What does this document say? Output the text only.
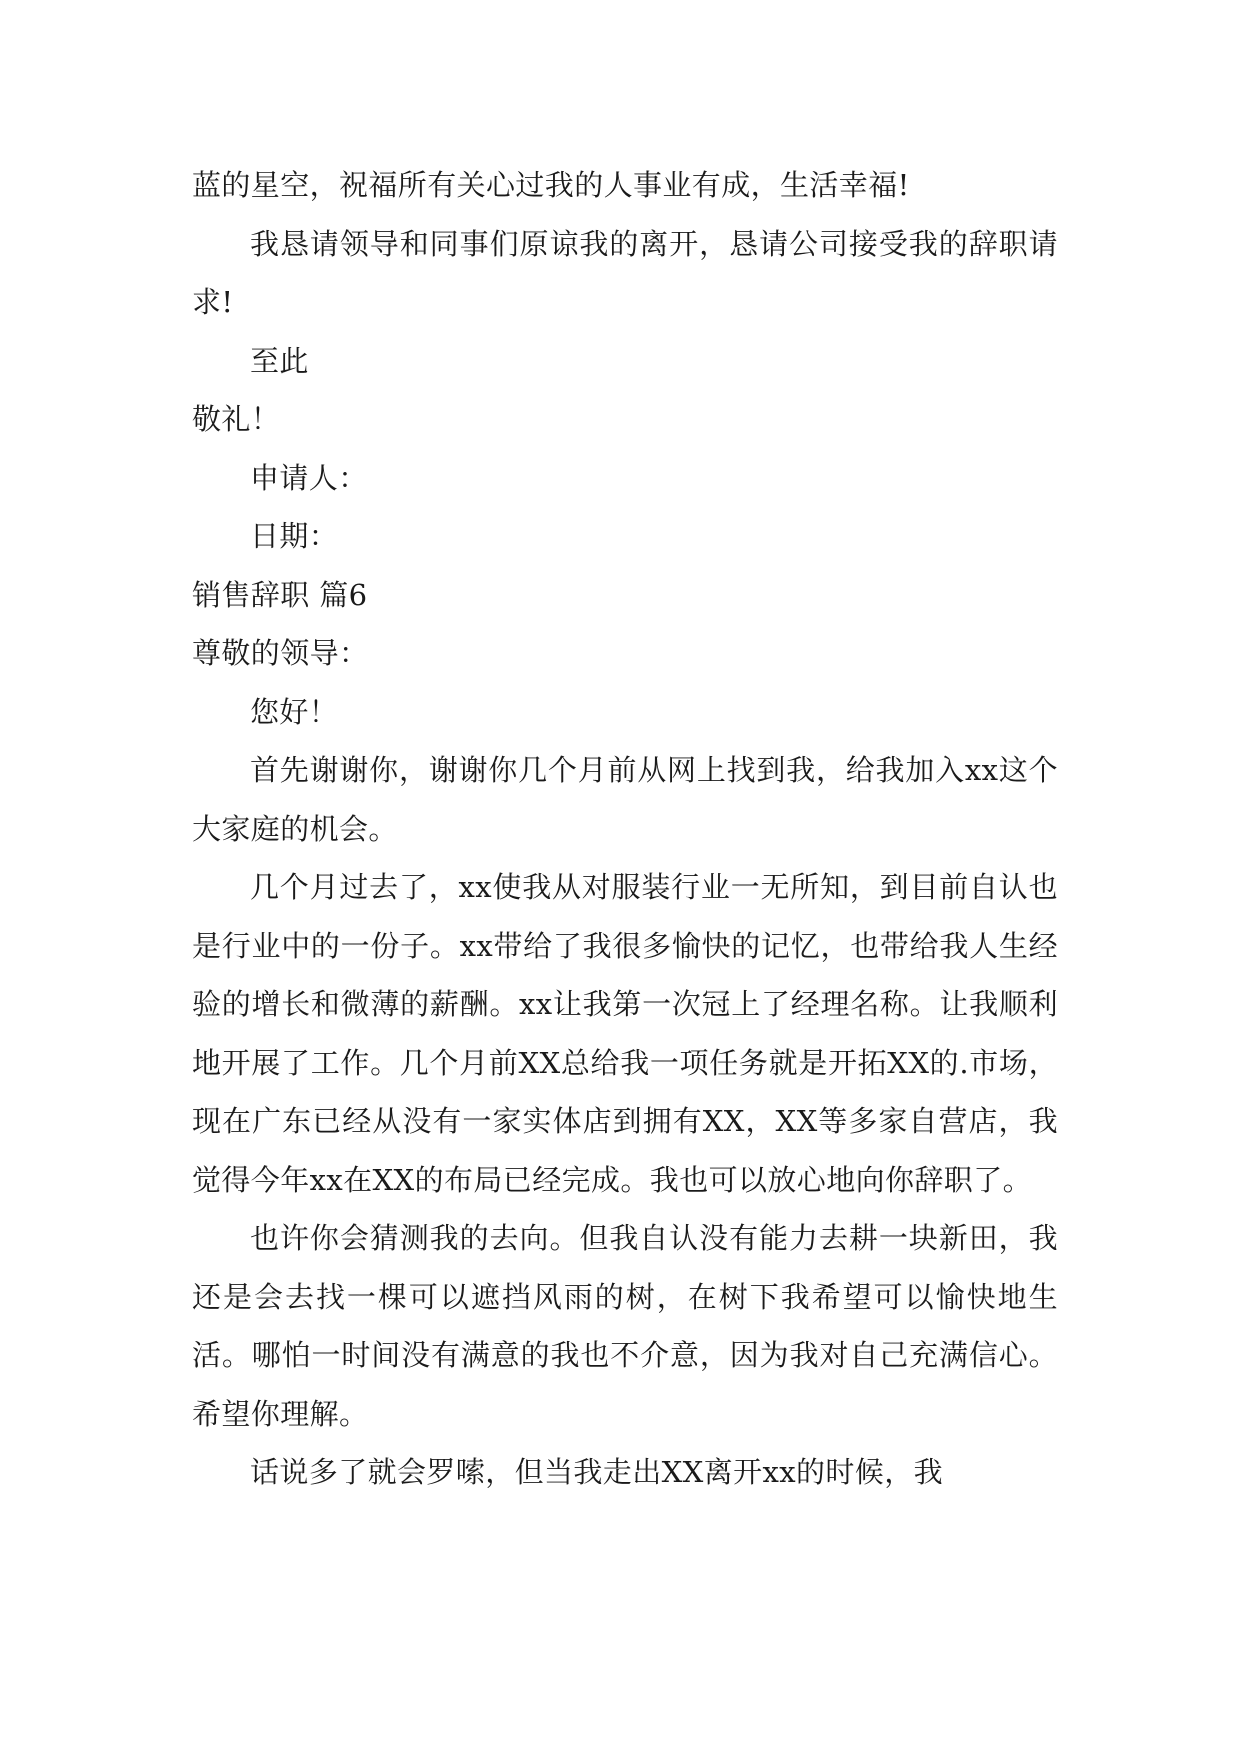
蓝的星空，祝福所有关心过我的人事业有成，生活幸福!

我恳请领导和同事们原谅我的离开，恳请公司接受我的辞职请求!

至此

敬礼！

申请人：

日期：

销售辞职 篇6

尊敬的领导：

您好！

首先谢谢你，谢谢你几个月前从网上找到我，给我加入xx这个大家庭的机会。

几个月过去了，xx使我从对服装行业一无所知，到目前自认也是行业中的一份子。xx带给了我很多愉快的记忆，也带给我人生经验的增长和微薄的薪酬。xx让我第一次冠上了经理名称。让我顺利地开展了工作。几个月前XX总给我一项任务就是开拓XX的.市场，现在广东已经从没有一家实体店到拥有XX，XX等多家自营店，我觉得今年xx在XX的布局已经完成。我也可以放心地向你辞职了。

也许你会猜测我的去向。但我自认没有能力去耕一块新田，我还是会去找一棵可以遮挡风雨的树，在树下我希望可以愉快地生活。哪怕一时间没有满意的我也不介意，因为我对自己充满信心。希望你理解。

话说多了就会罗嗦，但当我走出XX离开xx的时候，我
